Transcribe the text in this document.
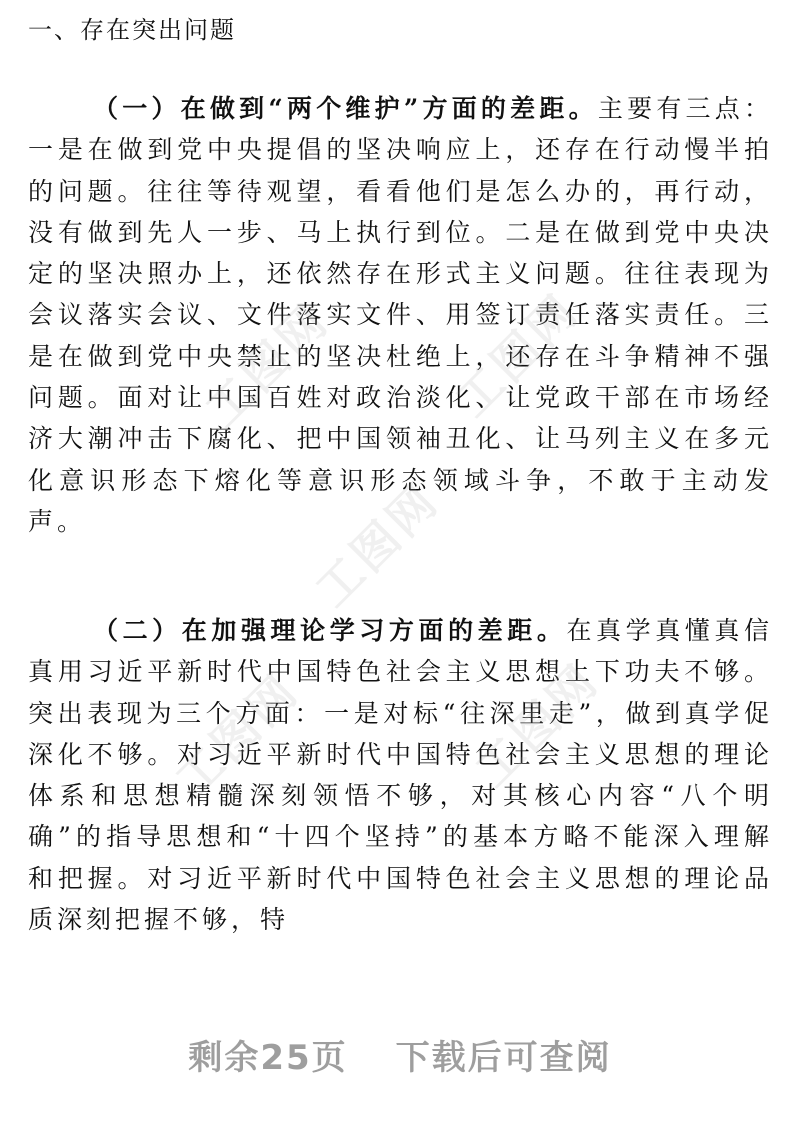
一、存在突出问题

（一）在做到“两个维护”方面的差距。主要有三点：一是在做到党中央提倡的坚决响应上，还存在行动慢半拍的问题。往往等待观望，看看他们是怎么办的，再行动，没有做到先人一步、马上执行到位。二是在做到党中央决定的坚决照办上，还依然存在形式主义问题。往往表现为会议落实会议、文件落实文件、用签订责任落实责任。三是在做到党中央禁止的坚决杜绝上，还存在斗争精神不强问题。面对让中国百姓对政治淡化、让党政干部在市场经济大潮冲击下腐化、把中国领袖丑化、让马列主义在多元化意识形态下熔化等意识形态领域斗争，不敢于主动发声。

（二）在加强理论学习方面的差距。在真学真懂真信真用习近平新时代中国特色社会主义思想上下功夫不够。突出表现为三个方面：一是对标“往深里走”，做到真学促深化不够。对习近平新时代中国特色社会主义思想的理论体系和思想精髓深刻领悟不够，对其核心内容“八个明确”的指导思想和“十四个坚持”的基本方略不能深入理解和把握。对习近平新时代中国特色社会主义思想的理论品质深刻把握不够，特

工图网 工图网
工图网
工图网	工图网
剩余25页 下载后可查阅
